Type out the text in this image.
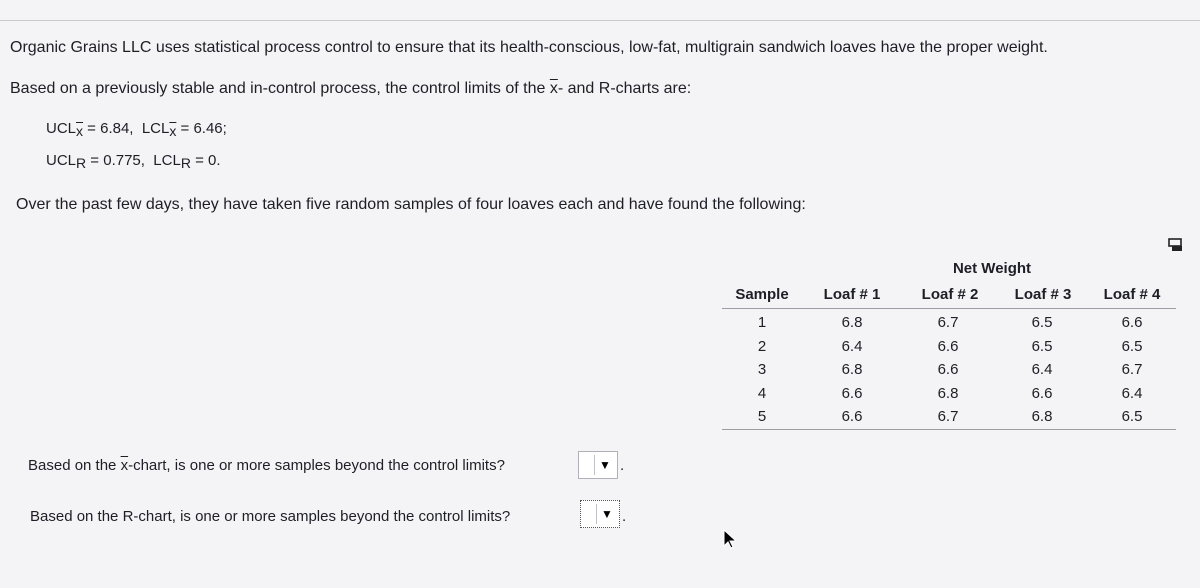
Organic Grains LLC uses statistical process control to ensure that its health-conscious, low-fat, multigrain sandwich loaves have the proper weight.
Based on a previously stable and in-control process, the control limits of the $\overline{x}-$ and R-charts are:
$UCL_{\overline{x}} = 6.84$, $LCL_{\overline{x}} = 6.46$;
$UCL_R = 0.775$, $LCL_R = 0$.
Over the past few days, they have taken five random samples of four loaves each and have found the following:
Net Weight
Sample	Loaf # 1	Loaf # 2	Loaf # 3	Loaf # 4
1	6.8	6.7	6.5	6.6
2	6.4	6.6	6.5	6.5
3	6.8	6.6	6.4	6.7
4	6.6	6.8	6.6	6.4
5	6.6	6.7	6.8	6.5
Based on the $\overline{x}$-chart, is one or more samples beyond the control limits?	▼ .
Based on the R-chart, is one or more samples beyond the control limits?	▼ .
